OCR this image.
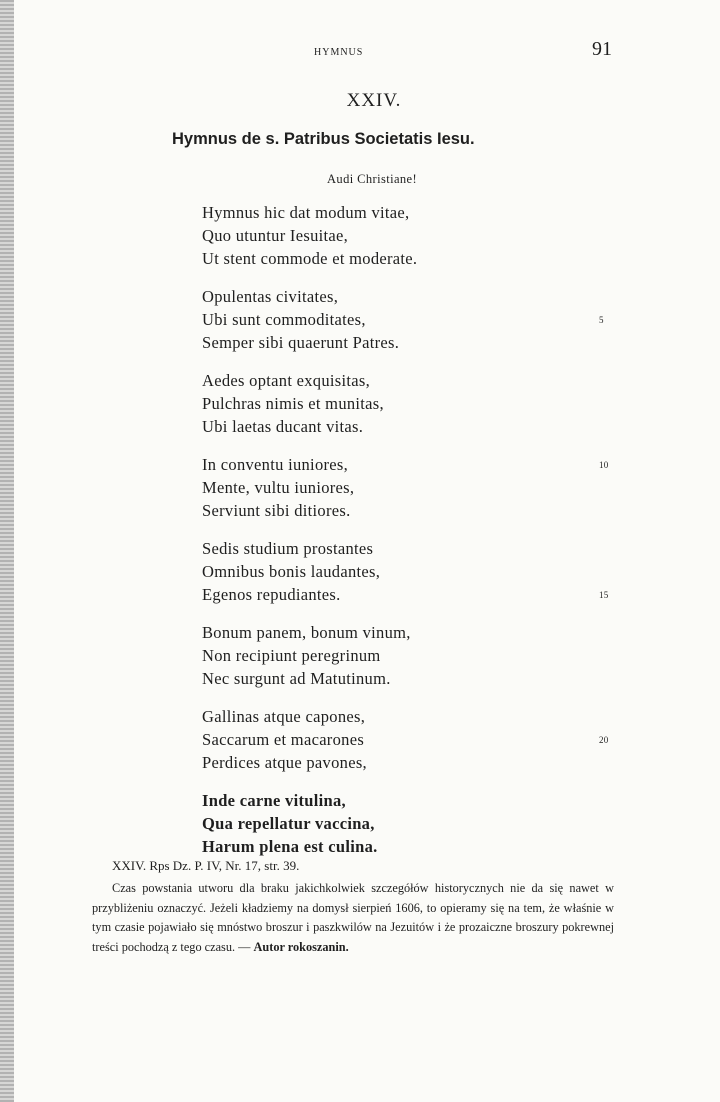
HYMNUS	91
XXIV.
Hymnus de s. Patribus Societatis Iesu.
Audi Christiane!
Hymnus hic dat modum vitae,
Quo utuntur Iesuitae,
Ut stent commode et moderate.
Opulentas civitates,
Ubi sunt commoditates,	5
Semper sibi quaerunt Patres.
Aedes optant exquisitas,
Pulchras nimis et munitas,
Ubi laetas ducant vitas.
In conventu iuniores,	10
Mente, vultu iuniores,
Serviunt sibi ditiores.
Sedis studium prostantes
Omnibus bonis laudantes,
Egenos repudiantes.	15
Bonum panem, bonum vinum,
Non recipiunt peregrinum
Nec surgunt ad Matutinum.
Gallinas atque capones,
Saccarum et macarones	20
Perdices atque pavones,
Inde carne vitulina,
Qua repellatur vaccina,
Harum plena est culina.
XXIV. Rps Dz. P. IV, Nr. 17, str. 39.
Czas powstania utworu dla braku jakichkolwiek szczegółów historycznych nie da się nawet w przybliżeniu oznaczyć. Jeżeli kładziemy na domysł sierpień 1606, to opieramy się na tem, że właśnie w tym czasie pojawiało się mnóstwo broszur i paszkwilów na Jezuitów i że prozaiczne broszury pokrewnej treści pochodzą z tego czasu. — Autor rokoszanin.
